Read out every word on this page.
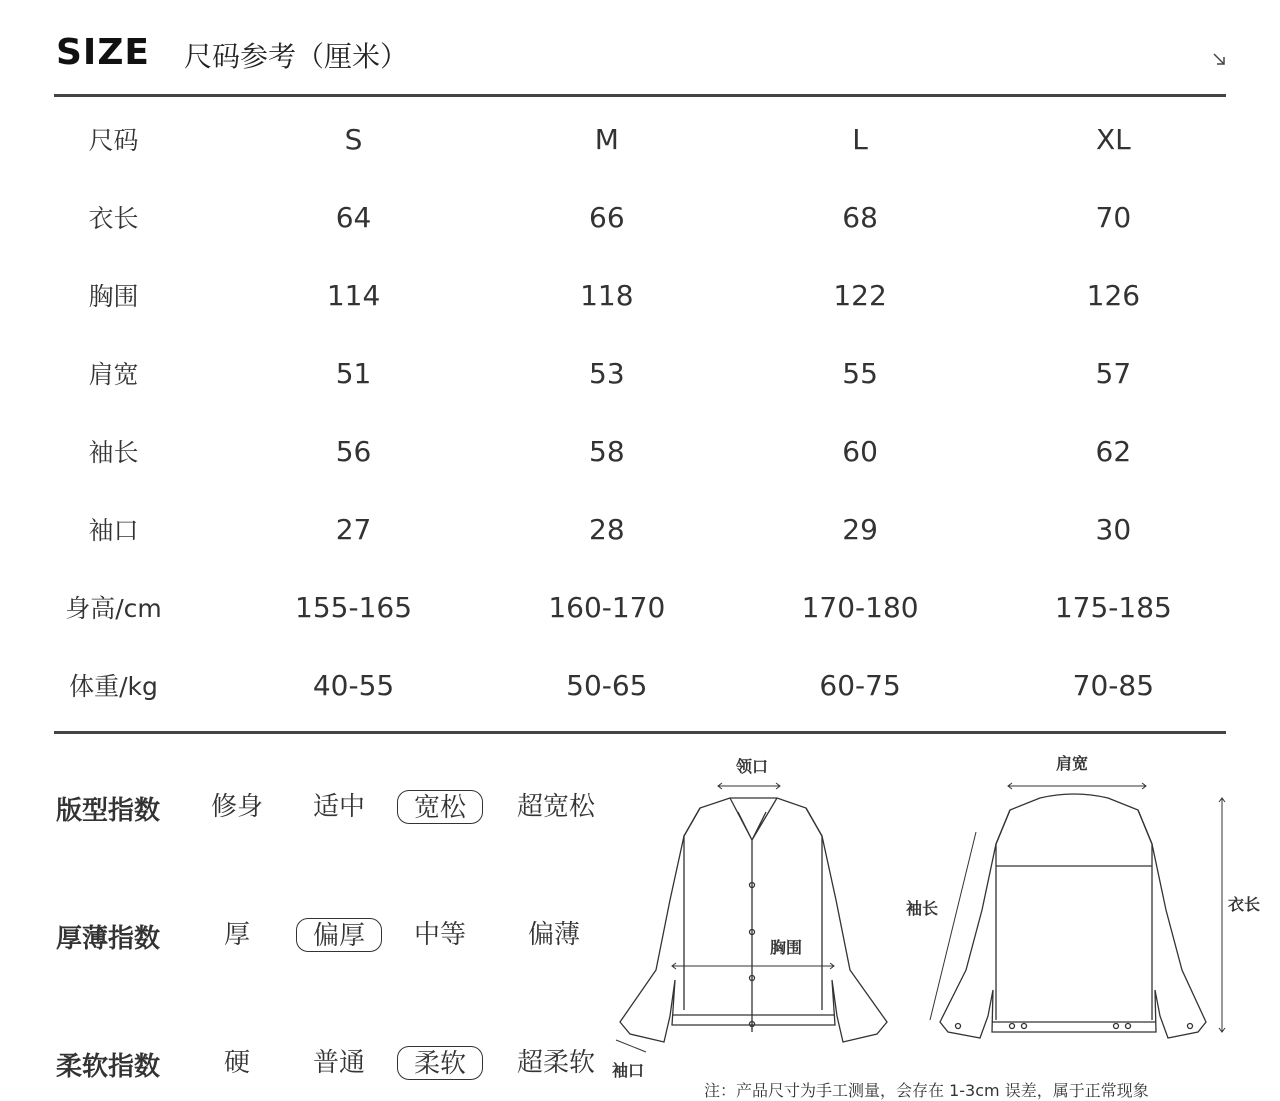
SIZE 尺码参考（厘米）
尺码	S	M	L	XL
衣长	64	66	68	70
胸围	114	118	122	126
肩宽	51	53	55	57
袖长	56	58	60	62
袖口	27	28	29	30
身高/cm	155-165	160-170	170-180	175-185
体重/kg	40-55	50-65	60-75	70-85
版型指数	修身	适中	宽松	超宽松
厚薄指数	厚	偏厚	中等	偏薄
柔软指数	硬	普通	柔软	超柔软
领口
胸围
袖口
肩宽
袖长	衣长
注：产品尺寸为手工测量，会存在 1-3cm 误差，属于正常现象
